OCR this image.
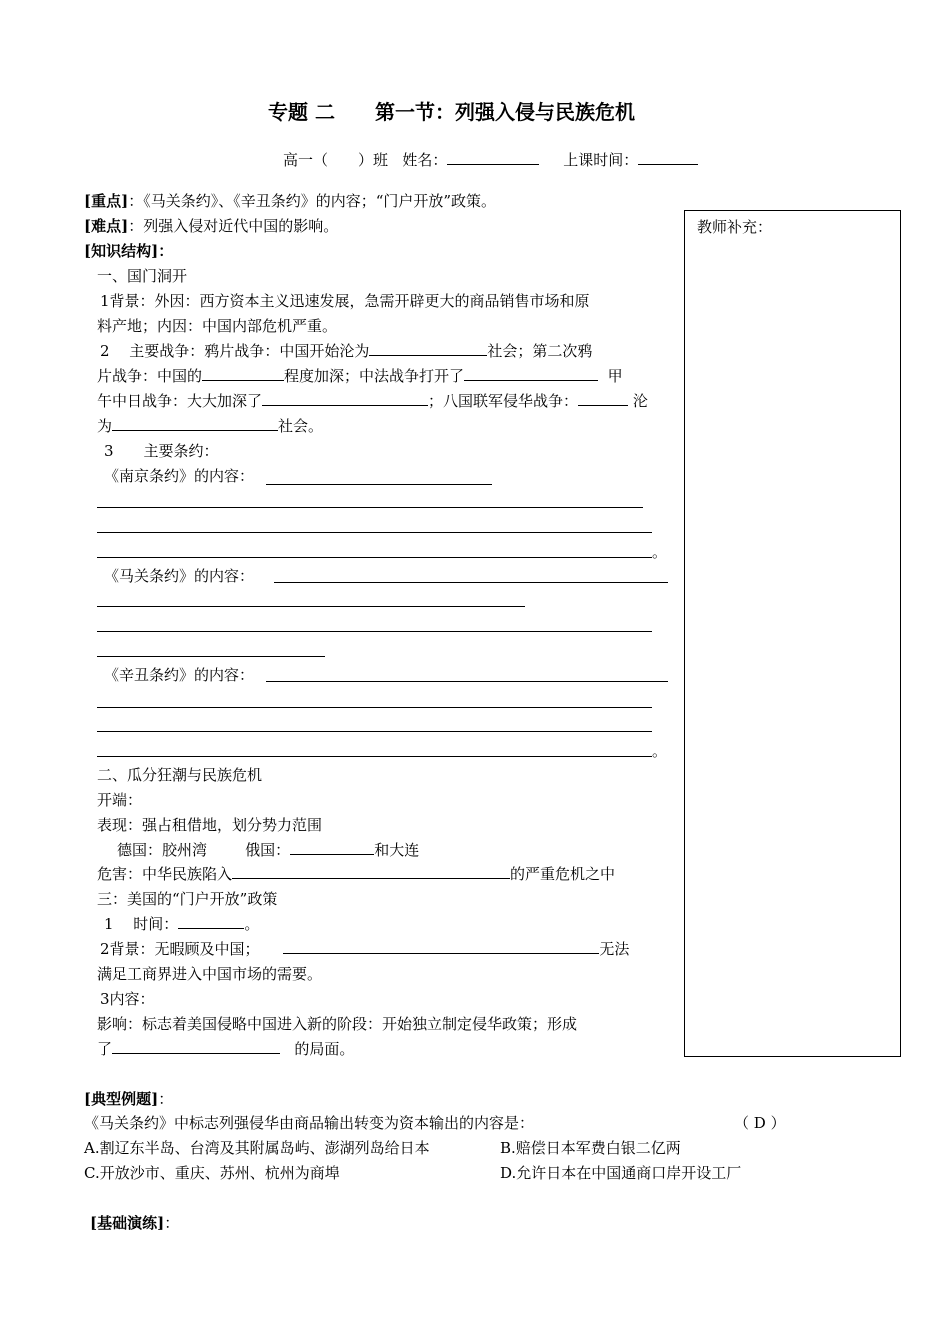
专题 二　　第一节：列强入侵与民族危机
高一（　　）班 姓名：	上课时间：
[重点]：《马关条约》、《辛丑条约》的内容；“门户开放”政策。
[难点]：列强入侵对近代中国的影响。
[知识结构]：
教师补充：
一、国门洞开
1背景：外因：西方资本主义迅速发展，急需开辟更大的商品销售市场和原
料产地；内因：中国内部危机严重。
2　 主要战争：鸦片战争：中国开始沦为	社会；第二次鸦
片战争：中国的	程度加深；中法战争打开了	甲
午中日战争：大大加深了	；八国联军侵华战争：	沦
为	社会。
3　　主要条约：
《南京条约》的内容：
。
《马关条约》的内容：
《辛丑条约》的内容：
。
二、瓜分狂潮与民族危机
开端：
表现：强占租借地，划分势力范围
德国：胶州湾	俄国：	和大连
危害：中华民族陷入	的严重危机之中
三：美国的“门户开放”政策
1　 时间：	。
2背景：无暇顾及中国；	无法
满足工商界进入中国市场的需要。
3内容：
影响：标志着美国侵略中国进入新的阶段：开始独立制定侵华政策；形成
了	的局面。
[典型例题]：
《马关条约》中标志列强侵华由商品输出转变为资本输出的内容是：	（ D ）
A.割辽东半岛、台湾及其附属岛屿、澎湖列岛给日本	B.赔偿日本军费白银二亿两
C.开放沙市、重庆、苏州、杭州为商埠	D.允许日本在中国通商口岸开设工厂
[基础演练]：
